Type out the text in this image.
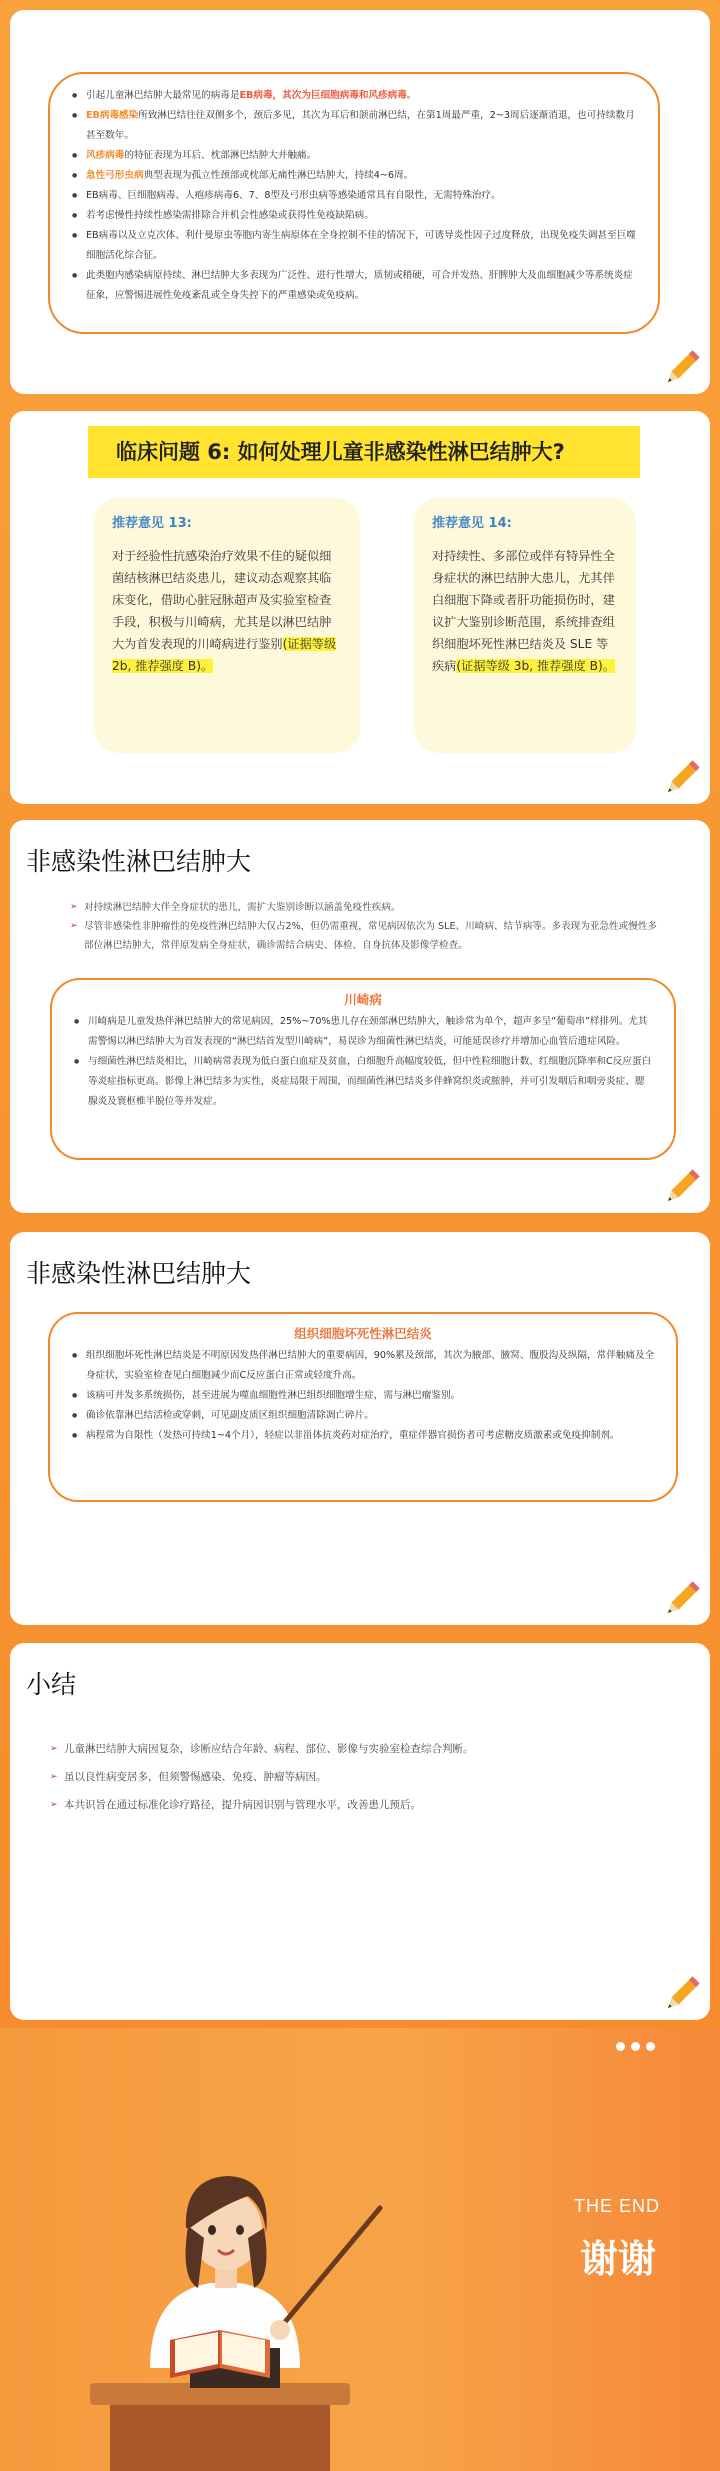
● 引起儿童淋巴结肿大最常见的病毒是EB病毒，其次为巨细胞病毒和风疹病毒。
● EB病毒感染所致淋巴结往往双侧多个，颈后多见，其次为耳后和颌前淋巴结，在第1周最严重，2~3周后逐渐消退，也可持续数月甚至数年。
● 风疹病毒的特征表现为耳后、枕部淋巴结肿大并触痛。
● 急性弓形虫病典型表现为孤立性颈部或枕部无痛性淋巴结肿大，持续4~6周。
● EB病毒、巨细胞病毒、人疱疹病毒6、7、8型及弓形虫病等感染通常具有自限性，无需特殊治疗。
● 若考虑慢性持续性感染需排除合并机会性感染或获得性免疫缺陷病。
● EB病毒以及立克次体、利什曼原虫等胞内寄生病原体在全身控制不佳的情况下，可诱导炎性因子过度释放，出现免疫失调甚至巨噬细胞活化综合征。
● 此类胞内感染病原持续、淋巴结肿大多表现为广泛性、进行性增大，质韧或稍硬，可合并发热、肝脾肿大及血细胞减少等系统炎症征象，应警惕进展性免疫紊乱或全身失控下的严重感染或免疫病。
临床问题 6: 如何处理儿童非感染性淋巴结肿大?
推荐意见 13:
对于经验性抗感染治疗效果不佳的疑似细菌结核淋巴结炎患儿，建议动态观察其临床变化，借助心脏冠脉超声及实验室检查手段，积极与川崎病，尤其是以淋巴结肿大为首发表现的川崎病进行鉴别(证据等级 2b, 推荐强度 B)。
推荐意见 14:
对持续性、多部位或伴有特异性全身症状的淋巴结肿大患儿，尤其伴白细胞下降或者肝功能损伤时，建议扩大鉴别诊断范围，系统排查组织细胞坏死性淋巴结炎及 SLE 等疾病(证据等级 3b, 推荐强度 B)。
非感染性淋巴结肿大
➢ 对持续淋巴结肿大伴全身症状的患儿，需扩大鉴别诊断以涵盖免疫性疾病。
➢ 尽管非感染性非肿瘤性的免疫性淋巴结肿大仅占2%，但仍需重视，常见病因依次为 SLE、川崎病、结节病等。多表现为亚急性或慢性多部位淋巴结肿大，常伴原发病全身症状，确诊需结合病史、体检、自身抗体及影像学检查。
川崎病
● 川崎病是儿童发热伴淋巴结肿大的常见病因，25%~70%患儿存在颈部淋巴结肿大，触诊常为单个，超声多呈“葡萄串”样排列。尤其需警惕以淋巴结肿大为首发表现的“淋巴结首发型川崎病”，易误诊为细菌性淋巴结炎，可能延误诊疗并增加心血管后遗症风险。
● 与细菌性淋巴结炎相比，川崎病常表现为低白蛋白血症及贫血，白细胞升高幅度较低，但中性粒细胞计数、红细胞沉降率和C反应蛋白等炎症指标更高。影像上淋巴结多为实性，炎症局限于周围，而细菌性淋巴结炎多伴蜂窝织炎或脓肿，并可引发咽后和咽旁炎症、腮腺炎及寰枢椎半脱位等并发症。
非感染性淋巴结肿大
组织细胞坏死性淋巴结炎
● 组织细胞坏死性淋巴结炎是不明原因发热伴淋巴结肿大的重要病因，90%累及颈部，其次为腋部、腋窝、腹股沟及纵隔，常伴触痛及全身症状，实验室检查见白细胞减少而C反应蛋白正常或轻度升高。
● 该病可并发多系统损伤，甚至进展为噬血细胞性淋巴组织细胞增生症，需与淋巴瘤鉴别。
● 确诊依靠淋巴结活检或穿刺，可见副皮质区组织细胞清除凋亡碎片。
● 病程常为自限性（发热可持续1~4个月），轻症以非甾体抗炎药对症治疗，重症伴器官损伤者可考虑糖皮质激素或免疫抑制剂。
小结
➢ 儿童淋巴结肿大病因复杂，诊断应结合年龄、病程、部位、影像与实验室检查综合判断。
➢ 虽以良性病变居多，但须警惕感染、免疫、肿瘤等病因。
➢ 本共识旨在通过标准化诊疗路径，提升病因识别与管理水平，改善患儿预后。
THE END
谢谢
